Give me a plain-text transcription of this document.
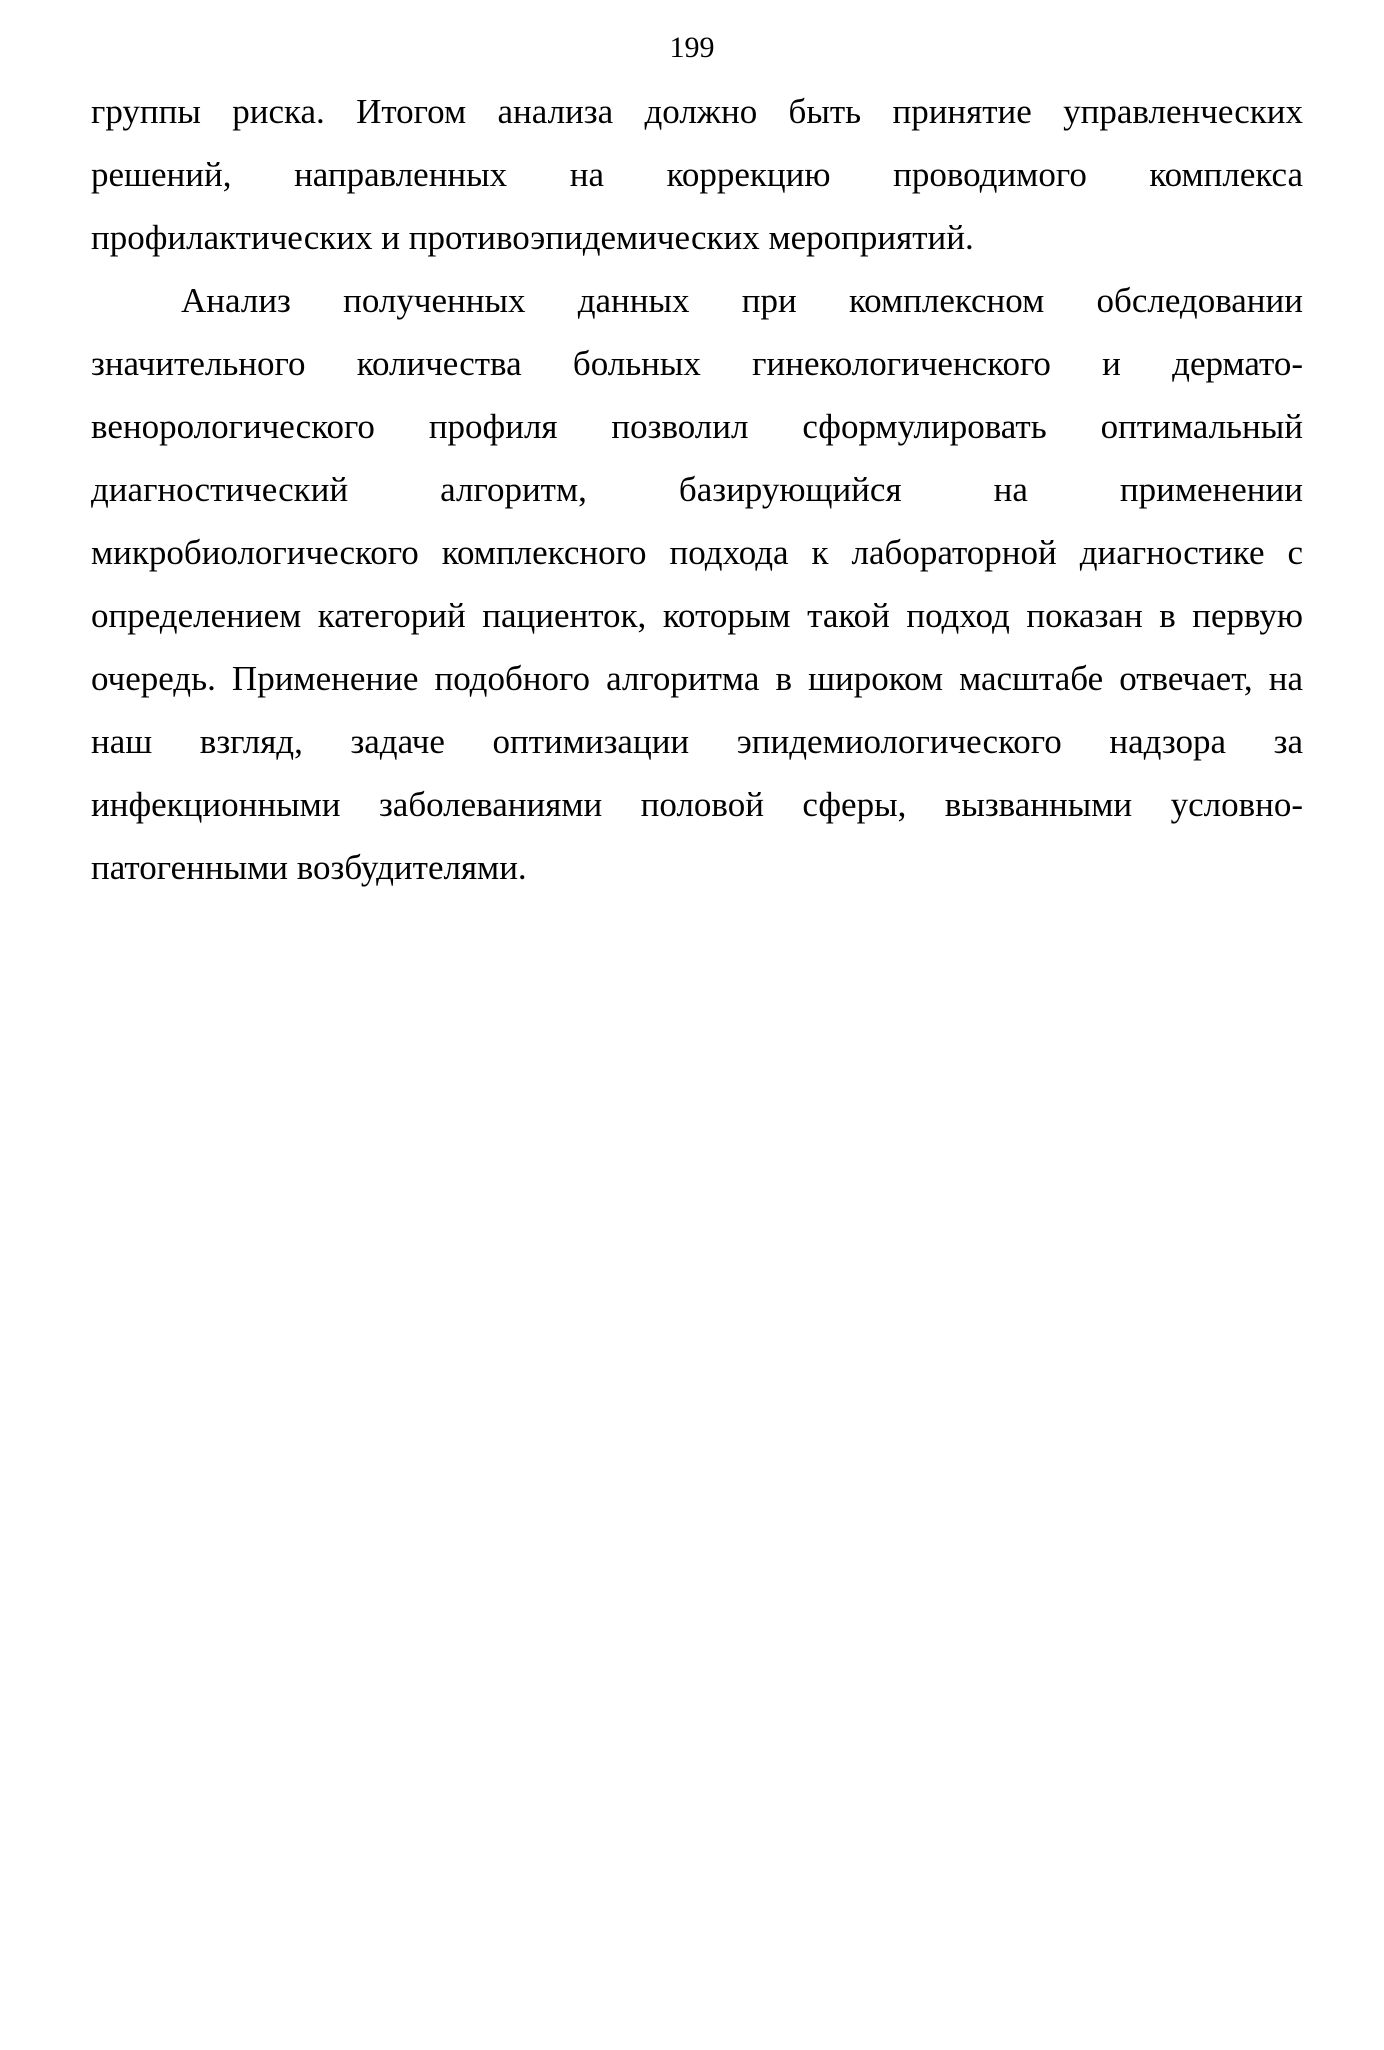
199
группы риска. Итогом анализа должно быть принятие управленческих
решений, направленных на коррекцию проводимого комплекса
профилактических и противоэпидемических мероприятий.
Анализ полученных данных при комплексном обследовании
значительного количества больных гинекологиченского и дермато-
венорологического профиля позволил сформулировать оптимальный
диагностический алгоритм, базирующийся на применении
микробиологического комплексного подхода к лабораторной диагностике с
определением категорий пациенток, которым такой подход показан в первую
очередь. Применение подобного алгоритма в широком масштабе отвечает, на
наш взгляд, задаче оптимизации эпидемиологического надзора за
инфекционными заболеваниями половой сферы, вызванными условно-
патогенными возбудителями.
